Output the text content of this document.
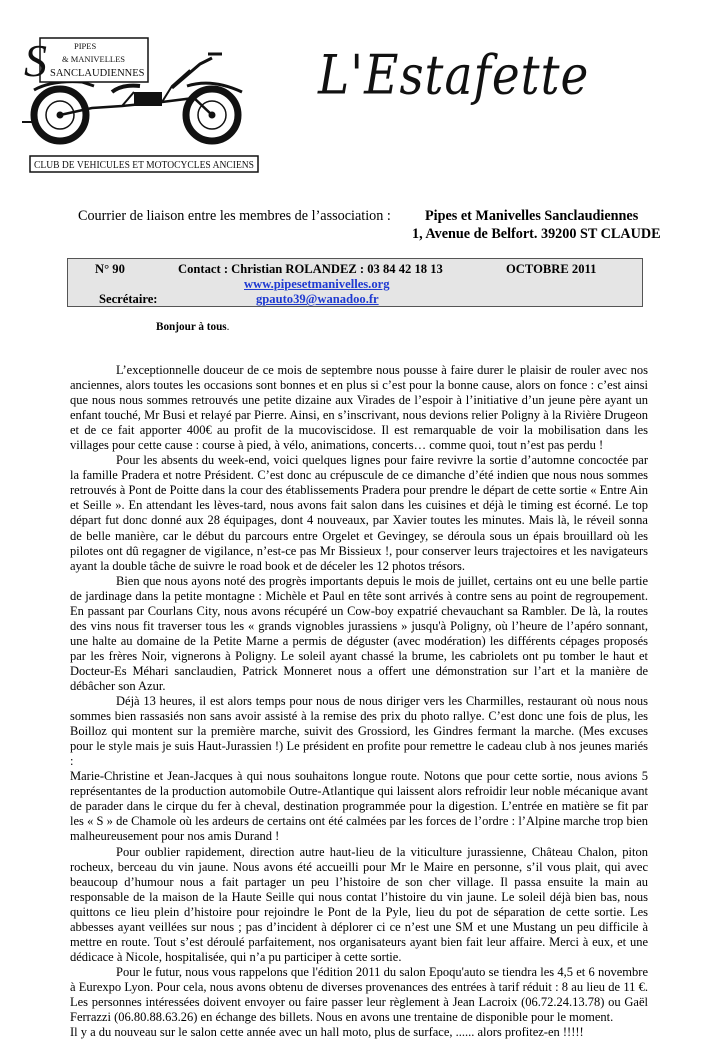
S	PIPES
& MANIVELLES
SANCLAUDIENNES
CLUB DE VEHICULES ET MOTOCYCLES ANCIENS
L'Estafette
Courrier de liaison entre les membres de l’association : Pipes et Manivelles Sanclaudiennes
1, Avenue de Belfort. 39200 ST CLAUDE
N° 90	Contact : Christian ROLANDEZ : 03 84 42 18 13	OCTOBRE 2011
www.pipesetmanivelles.org
Secrétaire:	gpauto39@wanadoo.fr
Bonjour à tous.

L’exceptionnelle douceur de ce mois de septembre nous pousse à faire durer le plaisir de rouler avec nos anciennes, alors toutes les occasions sont bonnes et en plus si c’est pour la bonne cause, alors on fonce : c’est ainsi que nous nous sommes retrouvés une petite dizaine aux Virades de l’espoir à l’initiative d’un jeune père ayant un enfant touché, Mr Busi et relayé par Pierre. Ainsi, en s’inscrivant, nous devions relier Poligny à la Rivière Drugeon et de ce fait apporter 400€ au profit de la mucoviscidose. Il est remarquable de voir la mobilisation dans les villages pour cette cause : course à pied, à vélo, animations, concerts… comme quoi, tout n’est pas perdu !

Pour les absents du week-end, voici quelques lignes pour faire revivre la sortie d’automne concoctée par la famille Pradera et notre Président. C’est donc au crépuscule de ce dimanche d’été indien que nous nous sommes retrouvés à Pont de Poitte dans la cour des établissements Pradera pour prendre le départ de cette sortie « Entre Ain et Seille ». En attendant les lèves-tard, nous avons fait salon dans les cuisines et déjà le timing est écorné. Le top départ fut donc donné aux 28 équipages, dont 4 nouveaux, par Xavier toutes les minutes. Mais là, le réveil sonna de belle manière, car le début du parcours entre Orgelet et Gevingey, se déroula sous un épais brouillard où les pilotes ont dû regagner de vigilance, n’est-ce pas Mr Bissieux !, pour conserver leurs trajectoires et les navigateurs ayant la double tâche de suivre le road book et de déceler les 12 photos trésors.

Bien que nous ayons noté des progrès importants depuis le mois de juillet, certains ont eu une belle partie de jardinage dans la petite montagne : Michèle et Paul en tête sont arrivés à contre sens au point de regroupement. En passant par Courlans City, nous avons récupéré un Cow-boy expatrié chevauchant sa Rambler. De là, la routes des vins nous fit traverser tous les « grands vignobles jurassiens » jusqu'à Poligny, où l’heure de l’apéro sonnant, une halte au domaine de la Petite Marne a permis de déguster (avec modération) les différents cépages proposés par les frères Noir, vignerons à Poligny. Le soleil ayant chassé la brume, les cabriolets ont pu tomber le haut et Docteur-Es Méhari sanclaudien, Patrick Monneret nous a offert une démonstration sur l’art et la manière de débâcher son Azur.

Déjà 13 heures, il est alors temps pour nous de nous diriger vers les Charmilles, restaurant où nous nous sommes bien rassasiés non sans avoir assisté à la remise des prix du photo rallye. C’est donc une fois de plus, les Boilloz qui montent sur la première marche, suivit des Grossiord, les Gindres fermant la marche. (Mes excuses pour le style mais je suis Haut-Jurassien !) Le président en profite pour remettre le cadeau club à nos jeunes mariés :

Marie-Christine et Jean-Jacques à qui nous souhaitons longue route. Notons que pour cette sortie, nous avions 5 représentantes de la production automobile Outre-Atlantique qui laissent alors refroidir leur noble mécanique avant de parader dans le cirque du fer à cheval, destination programmée pour la digestion. L’entrée en matière se fit par les « S » de Chamole où les ardeurs de certains ont été calmées par les forces de l’ordre : l’Alpine marche trop bien malheureusement pour nos amis Durand !

Pour oublier rapidement, direction autre haut-lieu de la viticulture jurassienne, Château Chalon, piton rocheux, berceau du vin jaune. Nous avons été accueilli pour Mr le Maire en personne, s’il vous plait, qui avec beaucoup d’humour nous a fait partager un peu l’histoire de son cher village. Il passa ensuite la main au responsable de la maison de la Haute Seille qui nous contat l’histoire du vin jaune. Le soleil déjà bien bas, nous quittons ce lieu plein d’histoire pour rejoindre le Pont de la Pyle, lieu du pot de séparation de cette sortie. Les abbesses ayant veillées sur nous ; pas d’incident à déplorer ci ce n’est une SM et une Mustang un peu difficile à mettre en route. Tout s’est déroulé parfaitement, nos organisateurs ayant bien fait leur affaire. Merci à eux, et une dédicace à Nicole, hospitalisée, qui n’a pu participer à cette sortie.

Pour le futur, nous vous rappelons que l'édition 2011 du salon Epoqu'auto se tiendra les 4,5 et 6 novembre à Eurexpo Lyon. Pour cela, nous avons obtenu de diverses provenances des entrées à tarif réduit : 8 au lieu de 11 €. Les personnes intéressées doivent envoyer ou faire passer leur règlement à Jean Lacroix (06.72.24.13.78) ou Gaël Ferrazzi (06.80.88.63.26) en échange des billets. Nous en avons une trentaine de disponible pour le moment.

Il y a du nouveau sur le salon cette année avec un hall moto, plus de surface, ...... alors profitez-en !!!!!
